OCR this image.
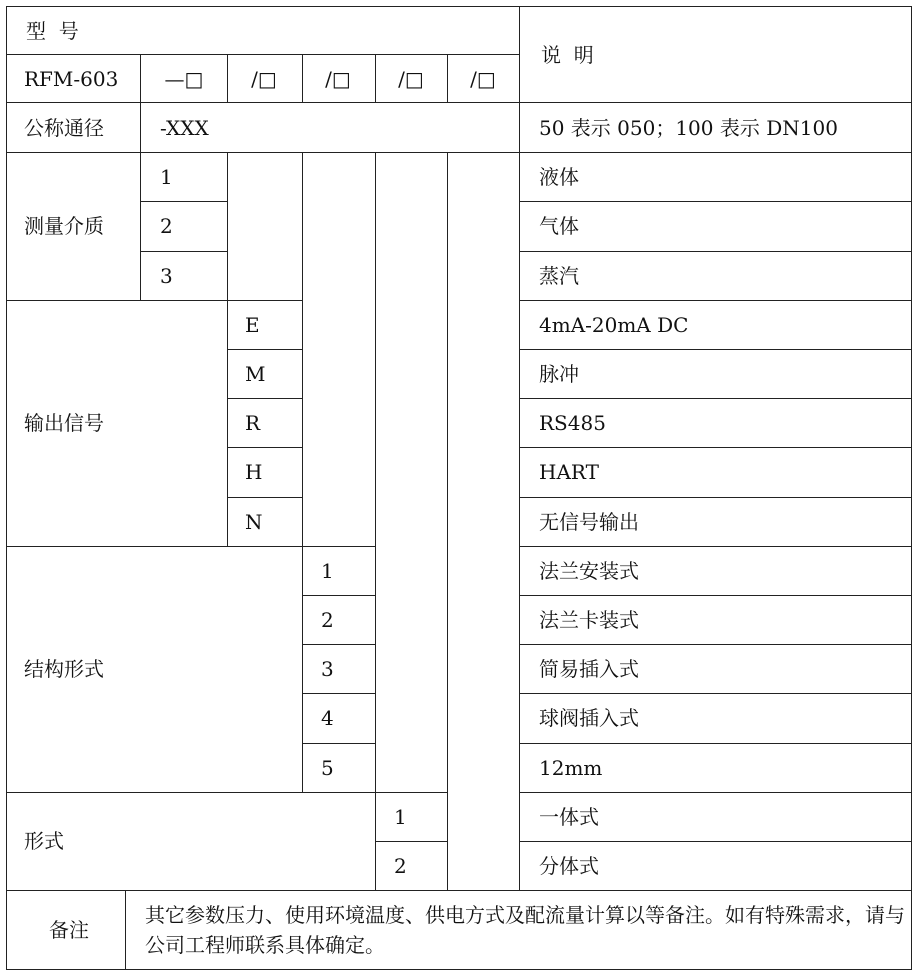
型  号
说  明
RFM-603 —□ /□ /□ /□ /□
公称通径	-XXX	50 表示 050；100 表示 DN100
测量介质
1
2
3
液体
气体
蒸汽
输出信号
E
M
R
H
N
4mA-20mA DC
脉冲
RS485
HART
无信号输出
结构形式
1
2
3
4
5
法兰安装式
法兰卡装式
简易插入式
球阀插入式
12mm
形式
1
2
一体式
分体式
备注
其它参数压力、使用环境温度、供电方式及配流量计算以等备注。如有特殊需求，请与公司工程师联系具体确定。
